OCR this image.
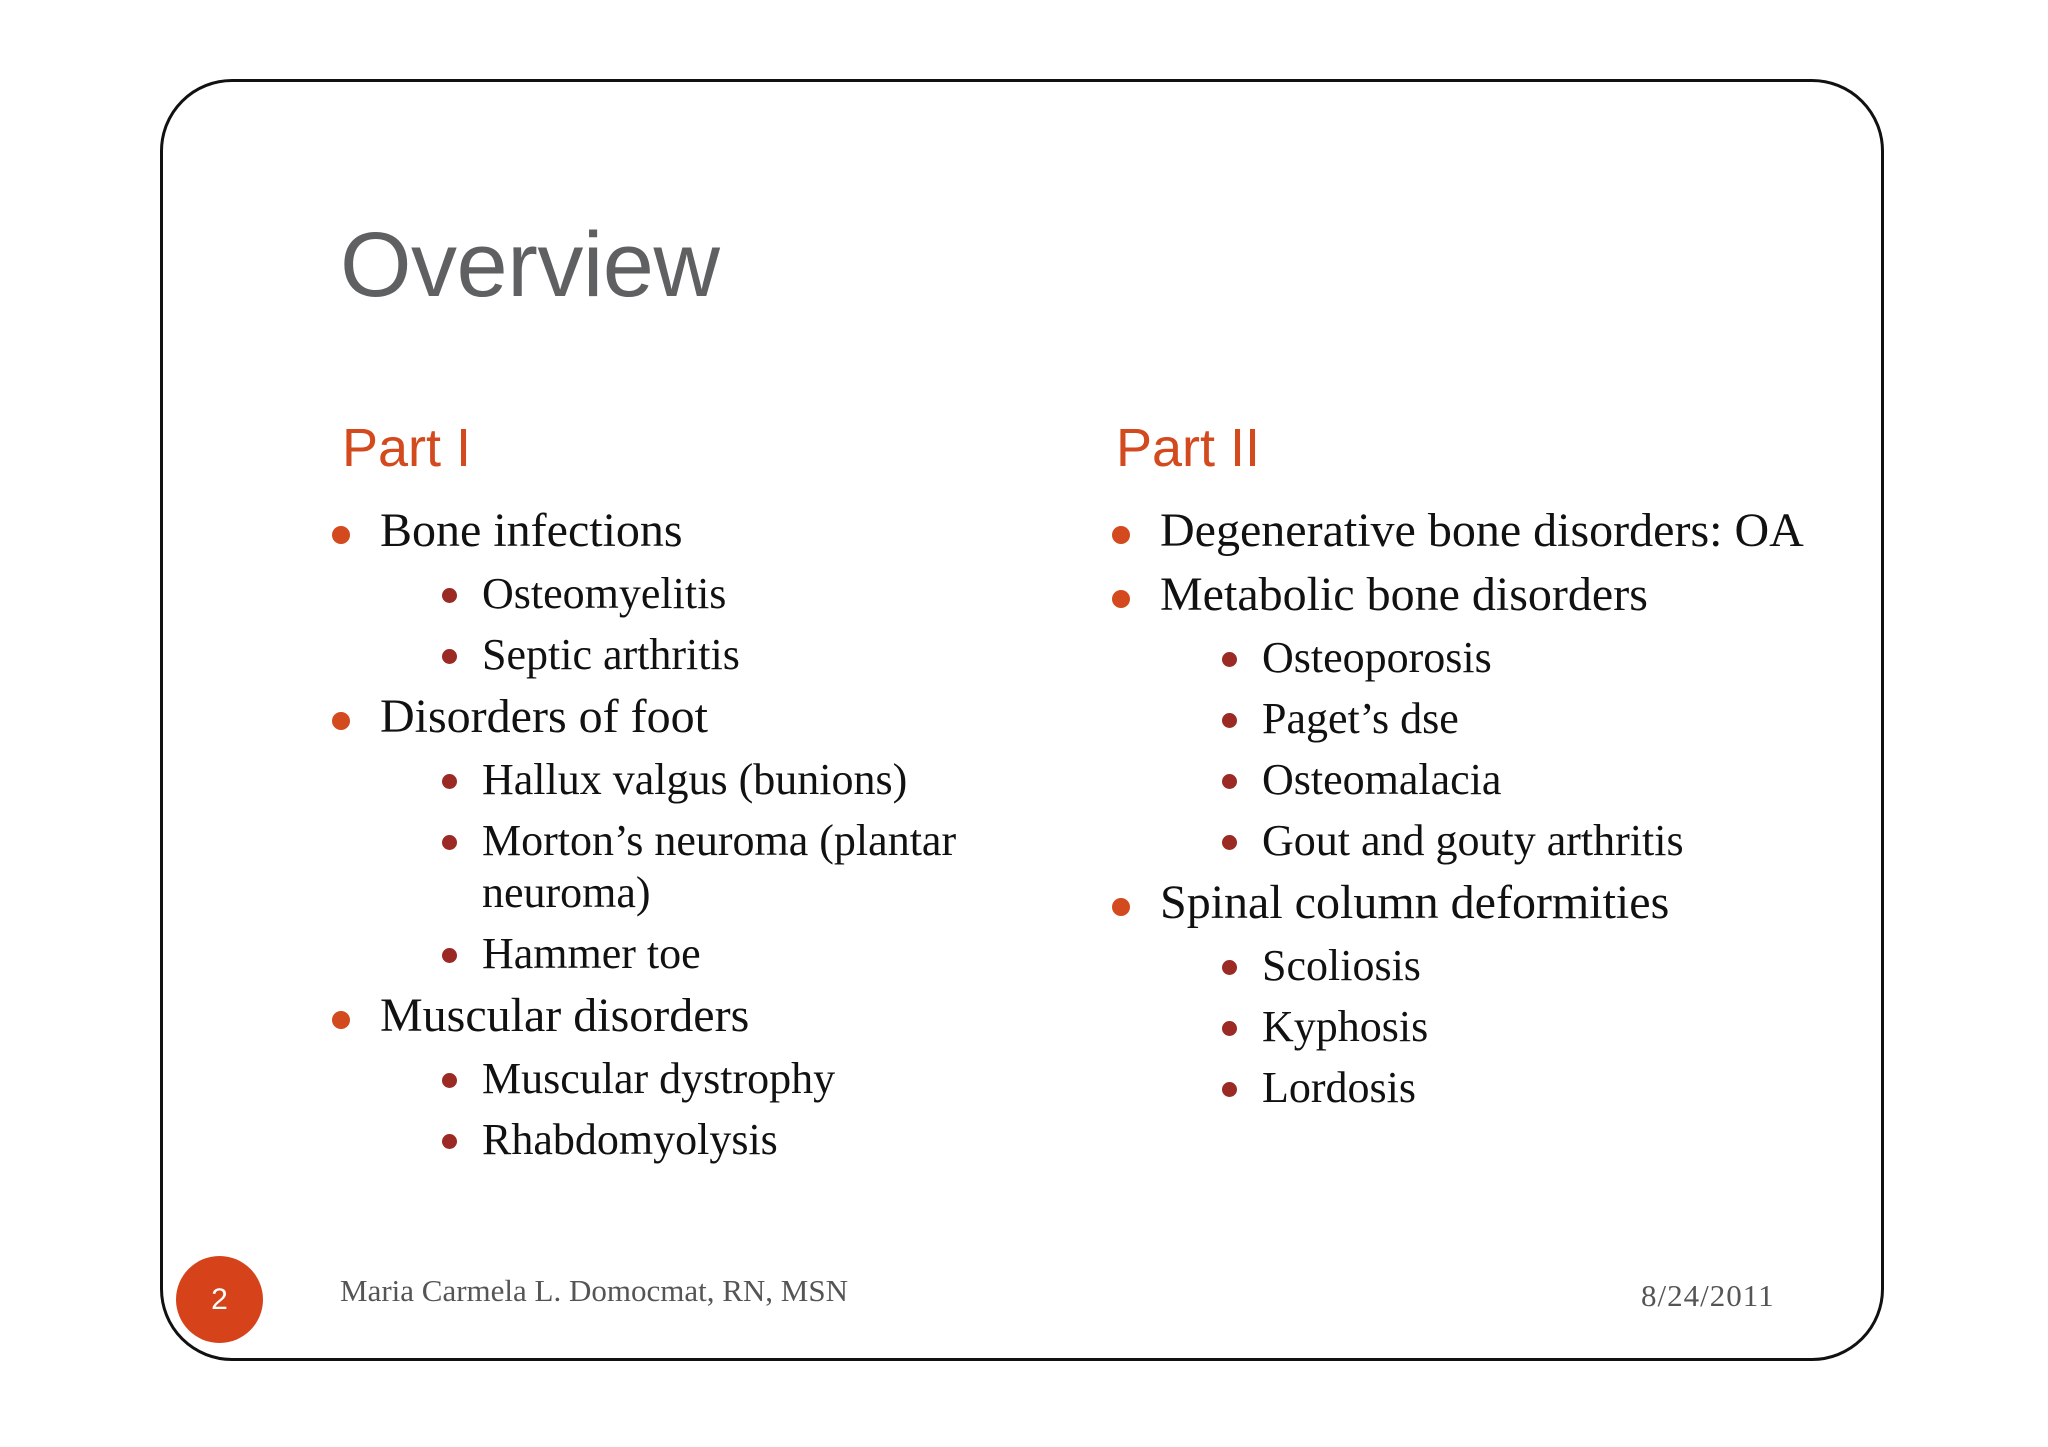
Overview
Part I
Bone infections
Osteomyelitis
Septic arthritis
Disorders of foot
Hallux valgus (bunions)
Morton’s neuroma (plantar neuroma)
Hammer toe
Muscular disorders
Muscular dystrophy
Rhabdomyolysis
Part II
Degenerative bone disorders: OA
Metabolic bone disorders
Osteoporosis
Paget’s dse
Osteomalacia
Gout and gouty arthritis
Spinal column deformities
Scoliosis
Kyphosis
Lordosis
2	Maria Carmela L. Domocmat, RN, MSN	8/24/2011
